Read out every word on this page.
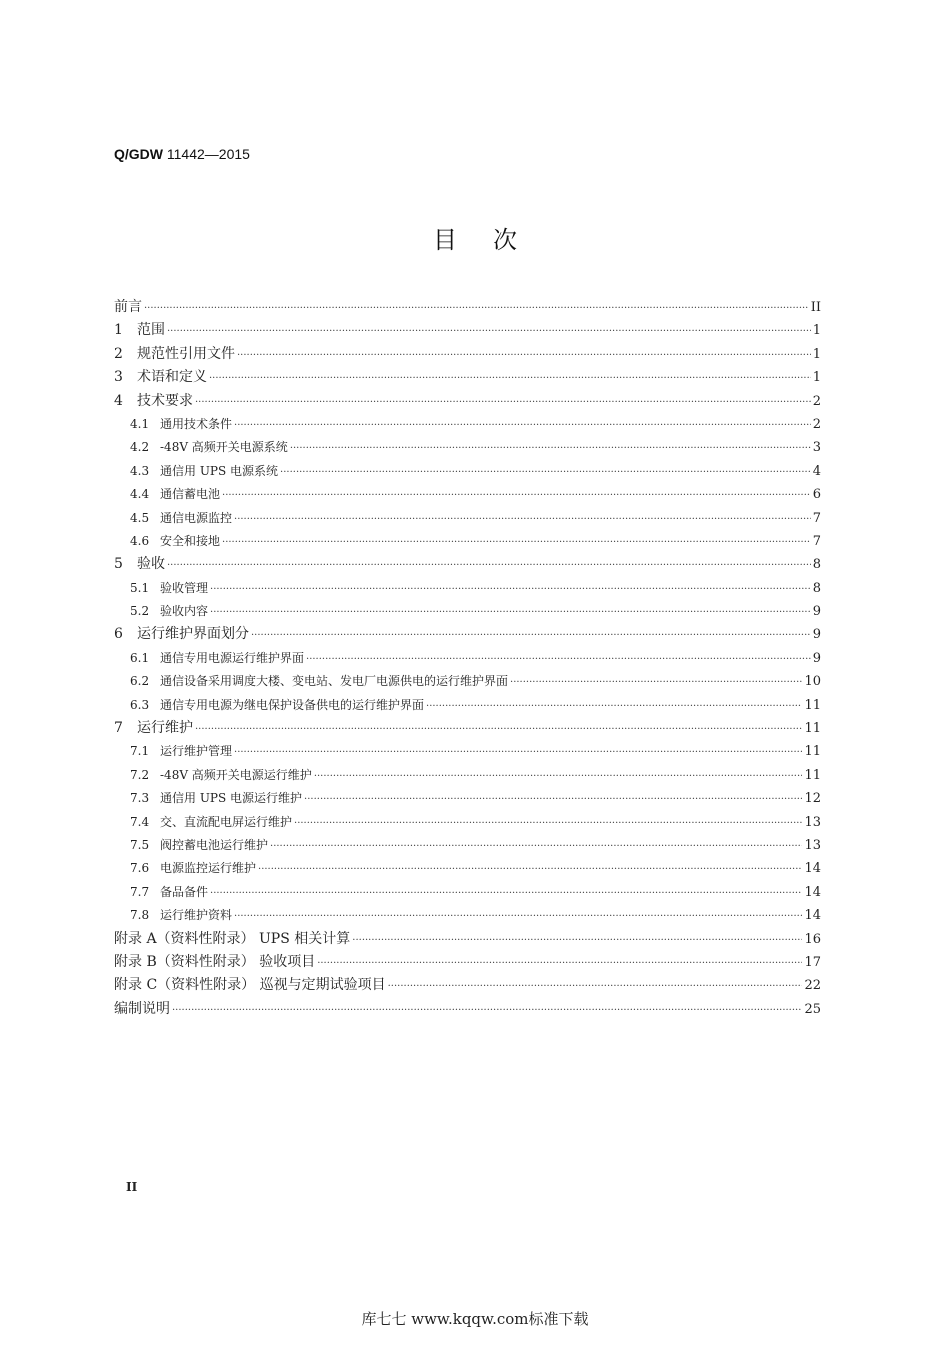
Q/GDW 11442—2015
目次
前言 ·····	II
1	范围 ·····	1
2	规范性引用文件 ·····	1
3	术语和定义 ·····	1
4	技术要求 ·····	2
4.1 通用技术条件 ·····	2
4.2 -48V 高频开关电源系统 ·····	3
4.3 通信用 UPS 电源系统 ·····	4
4.4 通信蓄电池 ·····	6
4.5 通信电源监控 ·····	7
4.6 安全和接地 ·····	7
5	验收 ·····	8
5.1 验收管理 ·····	8
5.2 验收内容 ·····	9
6	运行维护界面划分 ·····	9
6.1 通信专用电源运行维护界面 ·····	9
6.2 通信设备采用调度大楼、变电站、发电厂电源供电的运行维护界面 ·····	10
6.3 通信专用电源为继电保护设备供电的运行维护界面 ·····	11
7	运行维护 ·····	11
7.1 运行维护管理 ·····	11
7.2 -48V 高频开关电源运行维护 ·····	11
7.3 通信用 UPS 电源运行维护 ·····	12
7.4 交、直流配电屏运行维护 ·····	13
7.5 阀控蓄电池运行维护 ·····	13
7.6 电源监控运行维护 ·····	14
7.7 备品备件 ·····	14
7.8 运行维护资料 ·····	14
附录 A（资料性附录） UPS 相关计算 ·····	16
附录 B（资料性附录） 验收项目 ·····	17
附录 C（资料性附录） 巡视与定期试验项目 ·····	22
编制说明 ·····	25
II
库七七 www.kqqw.com标准下载
